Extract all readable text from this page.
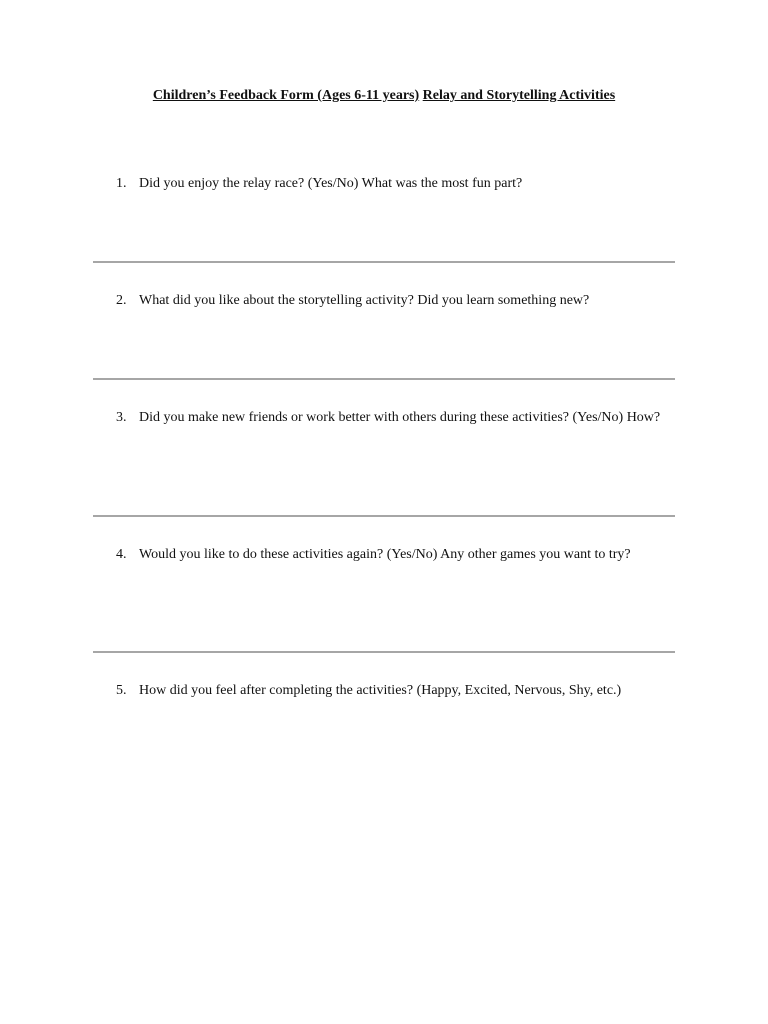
Children’s Feedback Form (Ages 6-11 years) Relay and Storytelling Activities
1. Did you enjoy the relay race? (Yes/No) What was the most fun part?
2. What did you like about the storytelling activity? Did you learn something new?
3. Did you make new friends or work better with others during these activities? (Yes/No) How?
4. Would you like to do these activities again? (Yes/No) Any other games you want to try?
5. How did you feel after completing the activities? (Happy, Excited, Nervous, Shy, etc.)
